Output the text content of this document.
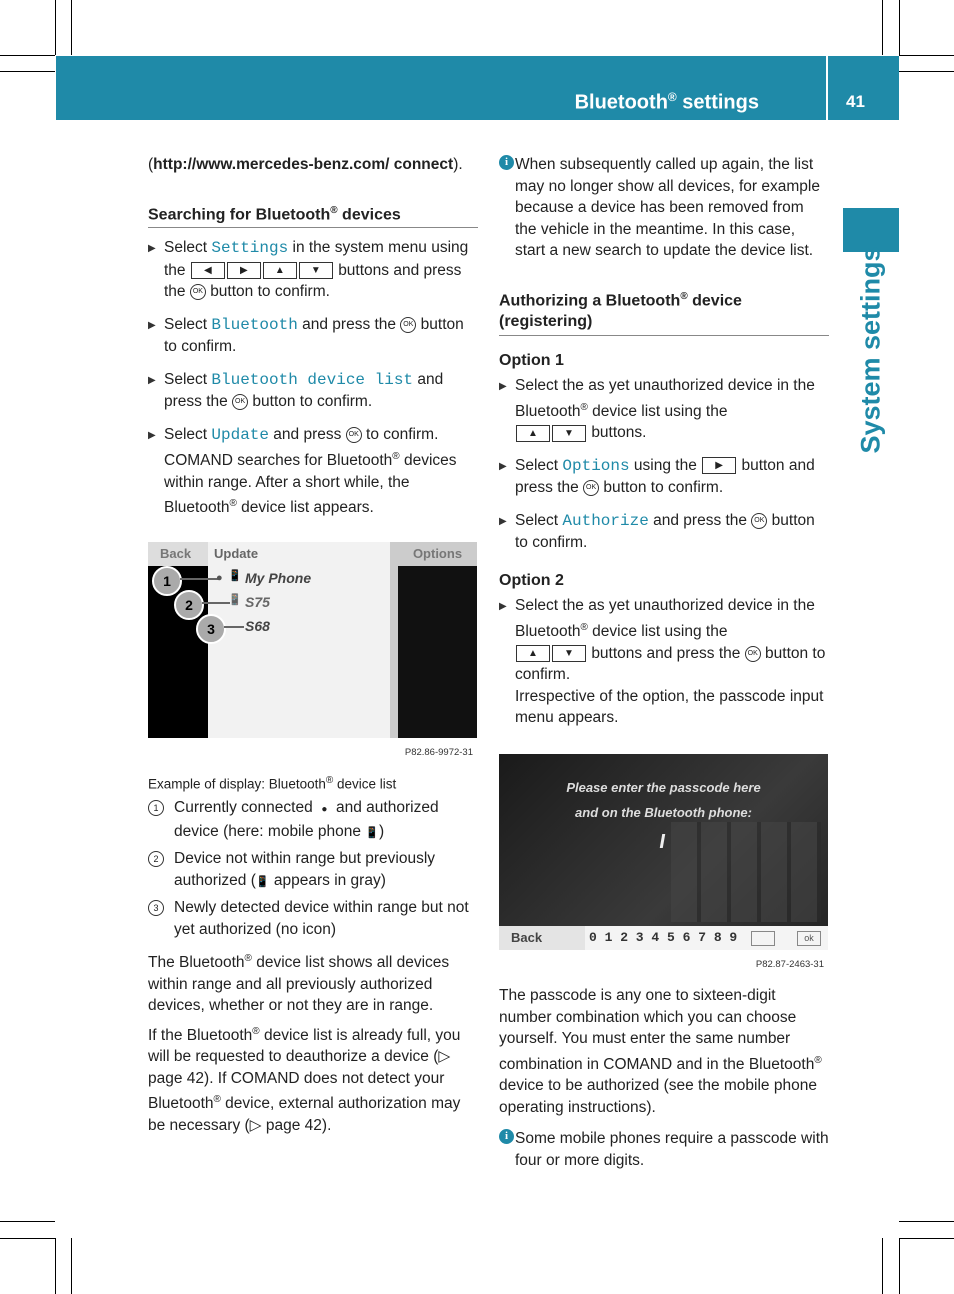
Bluetooth® settings	41
System settings

(http://www.mercedes-benz.com/ connect).

Searching for Bluetooth® devices
▶ Select Settings in the system menu using the ◀	▶	▲	▼ buttons and press the OK button to confirm.
▶ Select Bluetooth and press the OK button to confirm.
▶ Select Bluetooth device list and press the OK button to confirm.
▶ Select Update and press OK to confirm.
COMAND searches for Bluetooth® devices within range. After a short while, the Bluetooth® device list appears.
Back	Update	Options
1
2
3
● 📱
📱
My Phone
S75
S68
P82.86-9972-31

Example of display: Bluetooth® device list

1	Currently connected ● and authorized device (here: mobile phone 📱)
2	Device not within range but previously authorized (📱 appears in gray)
3	Newly detected device within range but not yet authorized (no icon)

The Bluetooth® device list shows all devices within range and all previously authorized devices, whether or not they are in range.

If the Bluetooth® device list is already full, you will be requested to deauthorize a device (▷ page 42). If COMAND does not detect your Bluetooth® device, external authorization may be necessary (▷ page 42).

i When subsequently called up again, the list may no longer show all devices, for example because a device has been removed from the vehicle in the meantime. In this case, start a new search to update the device list.
Authorizing a Bluetooth® device (registering)

Option 1

▶ Select the as yet unauthorized device in the Bluetooth® device list using the
▲	▼ buttons.
▶ Select Options using the ▶ button and press the OK button to confirm.
▶ Select Authorize and press the OK button to confirm.

Option 2

▶ Select the as yet unauthorized device in the Bluetooth® device list using the
▲	▼ buttons and press the OK button to confirm.
Irrespective of the option, the passcode input menu appears.
Please enter the passcode here
and on the Bluetooth phone:
Back	0 1 2 3 4 5 6 7 8 9	ok
P82.87-2463-31

The passcode is any one to sixteen-digit number combination which you can choose yourself. You must enter the same number combination in COMAND and in the Bluetooth® device to be authorized (see the mobile phone operating instructions).

i Some mobile phones require a passcode with four or more digits.
